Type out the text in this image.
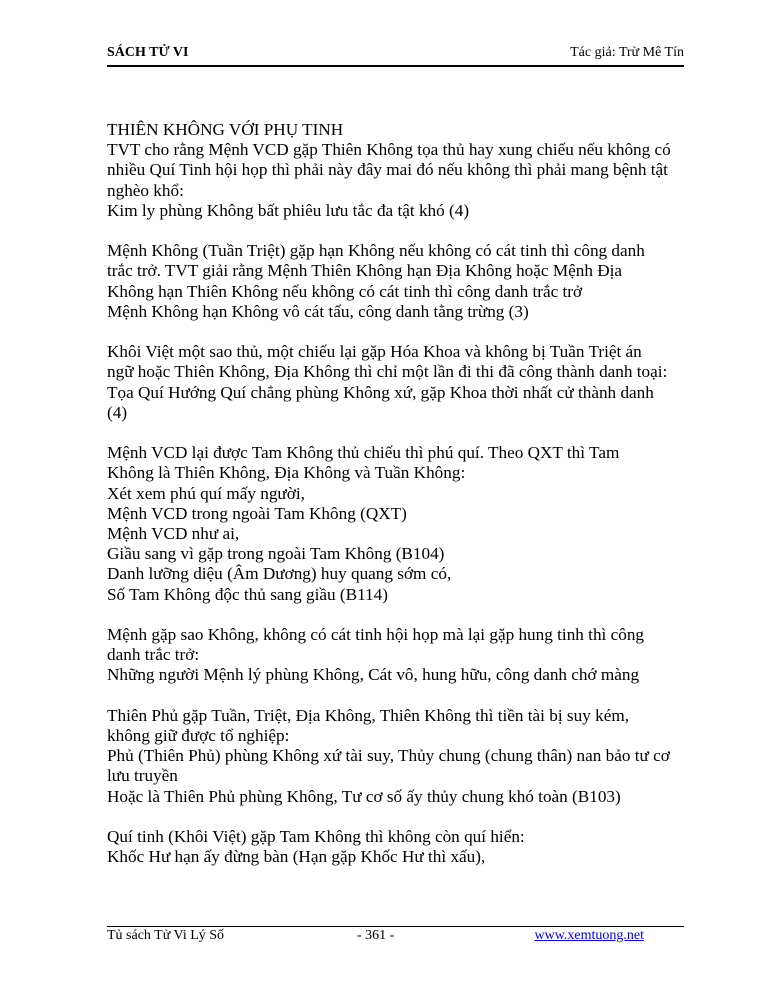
SÁCH TỬ VI	Tác giả: Trừ Mê Tín
THIÊN KHÔNG VỚI PHỤ TINH
TVT cho rằng Mệnh VCD gặp Thiên Không tọa thủ hay xung chiếu nếu không có
nhiều Quí Tinh hội họp thì phải này đây mai đó nếu không thì phải mang bệnh tật
nghèo khổ:
Kim ly phùng Không bất phiêu lưu tắc đa tật khó (4)
Mệnh Không (Tuần Triệt) gặp hạn Không nếu không có cát tinh thì công danh
trắc trở. TVT giải rằng Mệnh Thiên Không hạn Địa Không hoặc Mệnh Địa
Không hạn Thiên Không nếu không có cát tinh thì công danh trắc trở
Mệnh Không hạn Không vô cát tấu, công danh tằng trừng (3)
Khôi Việt một sao thủ, một chiếu lại gặp Hóa Khoa và không bị Tuần Triệt án
ngữ hoặc Thiên Không, Địa Không thì chỉ một lần đi thi đã công thành danh toại:
Tọa Quí Hướng Quí chẳng phùng Không xứ, gặp Khoa thời nhất cử thành danh
(4)
Mệnh VCD lại được Tam Không thủ chiếu thì phú quí. Theo QXT thì Tam
Không là Thiên Không, Địa Không và Tuần Không:
Xét xem phú quí mấy người,
Mệnh VCD trong ngoài Tam Không (QXT)
Mệnh VCD như ai,
Giầu sang vì gặp trong ngoài Tam Không (B104)
Danh lưỡng diệu (Âm Dương) huy quang sớm có,
Số Tam Không độc thủ sang giầu (B114)
Mệnh gặp sao Không, không có cát tinh hội họp mà lại gặp hung tinh thì công
danh trắc trở:
Những người Mệnh lý phùng Không, Cát vô, hung hữu, công danh chớ màng
Thiên Phủ gặp Tuần, Triệt, Địa Không, Thiên Không thì tiền tài bị suy kém,
không giữ được tổ nghiệp:
Phủ (Thiên Phủ) phùng Không xứ tài suy, Thủy chung (chung thân) nan bảo tư cơ
lưu truyền
Hoặc là Thiên Phủ phùng Không, Tư cơ số ấy thủy chung khó toàn (B103)
Quí tinh (Khôi Việt) gặp Tam Không thì không còn quí hiển:
Khốc Hư hạn ấy đừng bàn (Hạn gặp Khốc Hư thì xấu),
Tủ sách Tử Vi Lý Số	- 361 -	www.xemtuong.net
